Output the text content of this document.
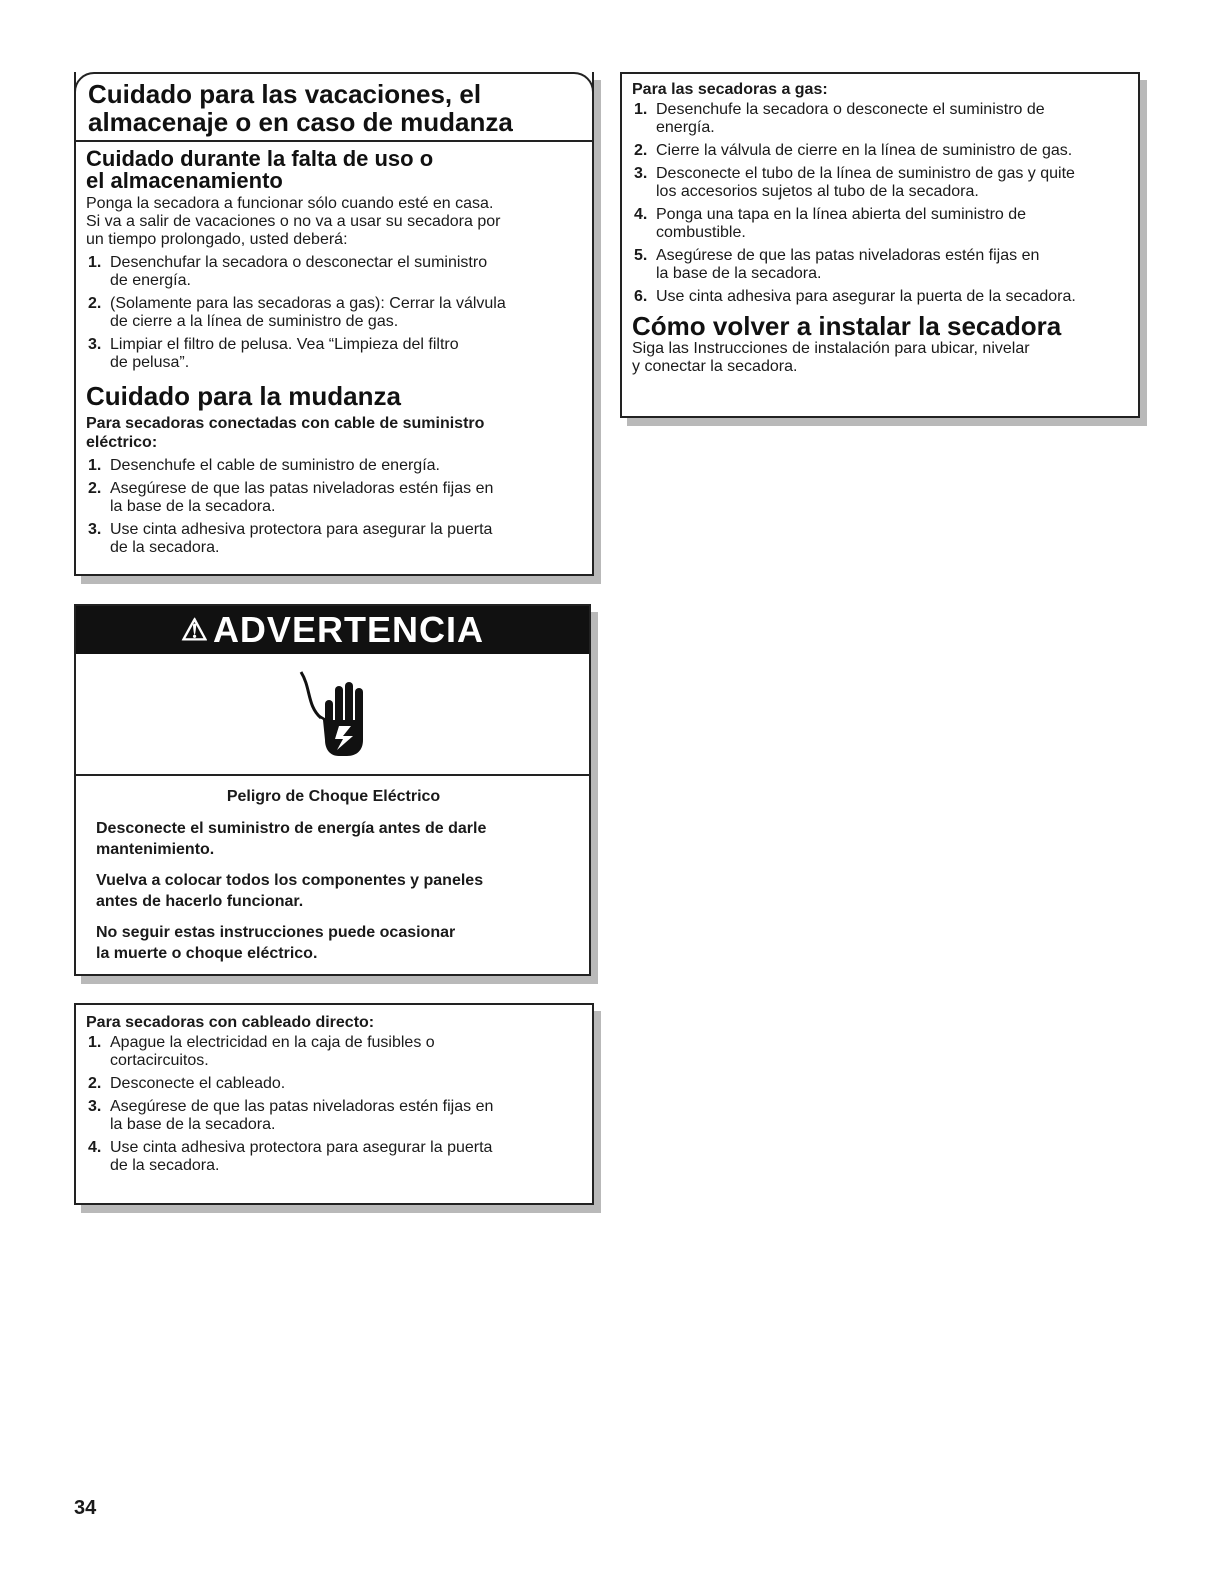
Cuidado durante la falta de uso o
el almacenamiento

Ponga la secadora a funcionar sólo cuando esté en casa.
Si va a salir de vacaciones o no va a usar su secadora por
un tiempo prolongado, usted deberá:

1. Desenchufar la secadora o desconectar el suministro
de energía.
2. (Solamente para las secadoras a gas): Cerrar la válvula
de cierre a la línea de suministro de gas.
3. Limpiar el filtro de pelusa. Vea “Limpieza del filtro
de pelusa”.
Cuidado para la mudanza
Para secadoras conectadas con cable de suministro
eléctrico:
1. Desenchufe el cable de suministro de energía.
2. Asegúrese de que las patas niveladoras estén fijas en
la base de la secadora.
3. Use cinta adhesiva protectora para asegurar la puerta
de la secadora.
Cuidado para las vacaciones, el
almacenaje o en caso de mudanza
Para las secadoras a gas:
1. Desenchufe la secadora o desconecte el suministro de
energía.
2. Cierre la válvula de cierre en la línea de suministro de gas.
3. Desconecte el tubo de la línea de suministro de gas y quite
los accesorios sujetos al tubo de la secadora.
4. Ponga una tapa en la línea abierta del suministro de
combustible.
5. Asegúrese de que las patas niveladoras estén fijas en
la base de la secadora.
6. Use cinta adhesiva para asegurar la puerta de la secadora.
Cómo volver a instalar la secadora

Siga las Instrucciones de instalación para ubicar, nivelar
y conectar la secadora.

⚠ ADVERTENCIA
Peligro de Choque Eléctrico
Desconecte el suministro de energía antes de darle
mantenimiento.
Vuelva a colocar todos los componentes y paneles
antes de hacerlo funcionar.
No seguir estas instrucciones puede ocasionar
la muerte o choque eléctrico.
Para secadoras con cableado directo:
1. Apague la electricidad en la caja de fusibles o
cortacircuitos.
2. Desconecte el cableado.
3. Asegúrese de que las patas niveladoras estén fijas en
la base de la secadora.
4. Use cinta adhesiva protectora para asegurar la puerta
de la secadora.
34
